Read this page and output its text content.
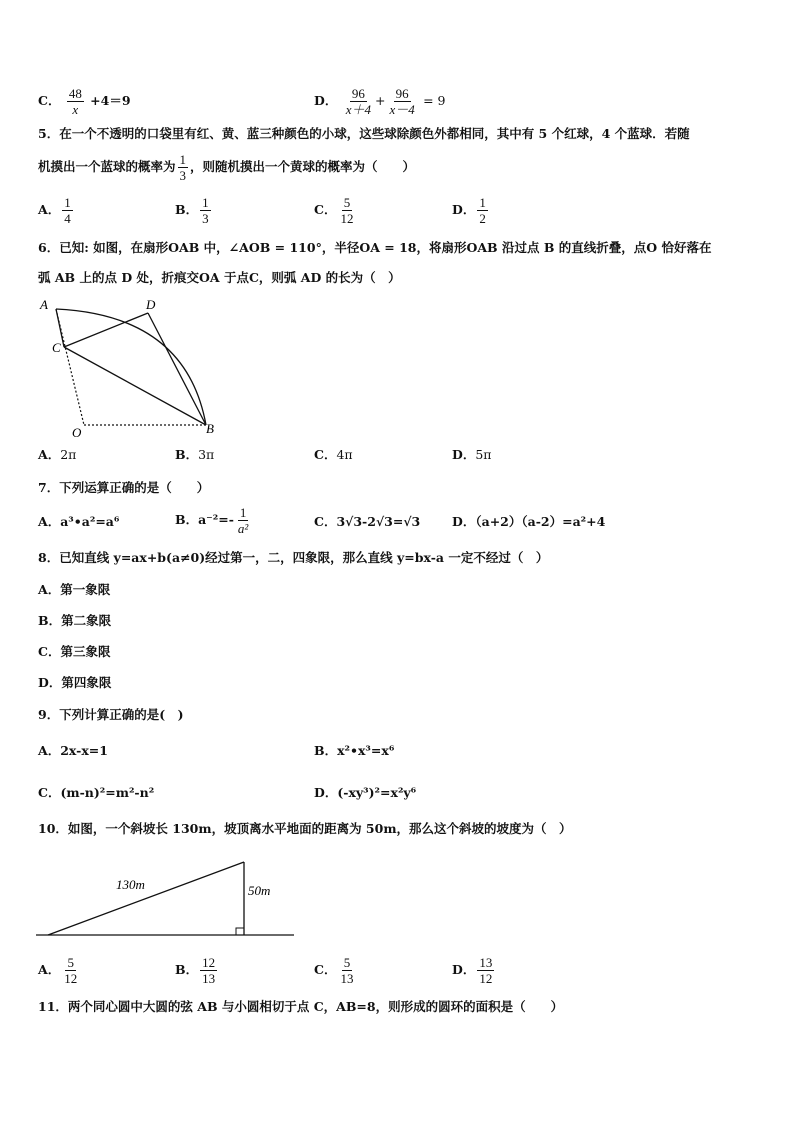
C． $\frac{48}{x} +4=9$	D． $\frac{96}{x+4} + \frac{96}{x-4} = 9$
5．在一个不透明的口袋里有红、黄、蓝三种颜色的小球，这些球除颜色外都相同，其中有 5 个红球，4 个蓝球．若随
机摸出一个蓝球的概率为 $\frac{1}{3}$ ，则随机摸出一个黄球的概率为（　　）
A． $\frac{1}{4}$	B． $\frac{1}{3}$	C． $\frac{5}{12}$	D． $\frac{1}{2}$
6．已知: 如图，在扇形OAB 中，∠AOB = 110°，半径OA = 18，将扇形OAB 沿过点 B 的直线折叠，点O 恰好落在
弧 AB 上的点 D 处，折痕交OA 于点C，则弧 AD 的长为（　）
A	D
C
O	B
A．2π	B．3π	C．4π	D．5π
7．下列运算正确的是（　　）
A．a³•a²=a⁶	B．$a^{-2}=- \frac{1}{\text{a²}}$	C．3√3-2√3=√3	D．（a+2）（a-2）=a²+4
8．已知直线 y=ax+b(a≠0)经过第一，二，四象限，那么直线 y=bx-a 一定不经过（　）
A．第一象限
B．第二象限
C．第三象限
D．第四象限
9．下列计算正确的是(　)
A．2x-x=1	B．x²•x³=x⁶
C．(m-n)²=m²-n²	D．(-xy³)²=x²y⁶
10．如图，一个斜坡长 130m，坡顶离水平地面的距离为 50m，那么这个斜坡的坡度为（　）
130m	50m
A． $\frac{5}{12}$	B． $\frac{12}{13}$	C． $\frac{5}{13}$	D． $\frac{13}{12}$
11．两个同心圆中大圆的弦 AB 与小圆相切于点 C，AB=8，则形成的圆环的面积是（　　）
